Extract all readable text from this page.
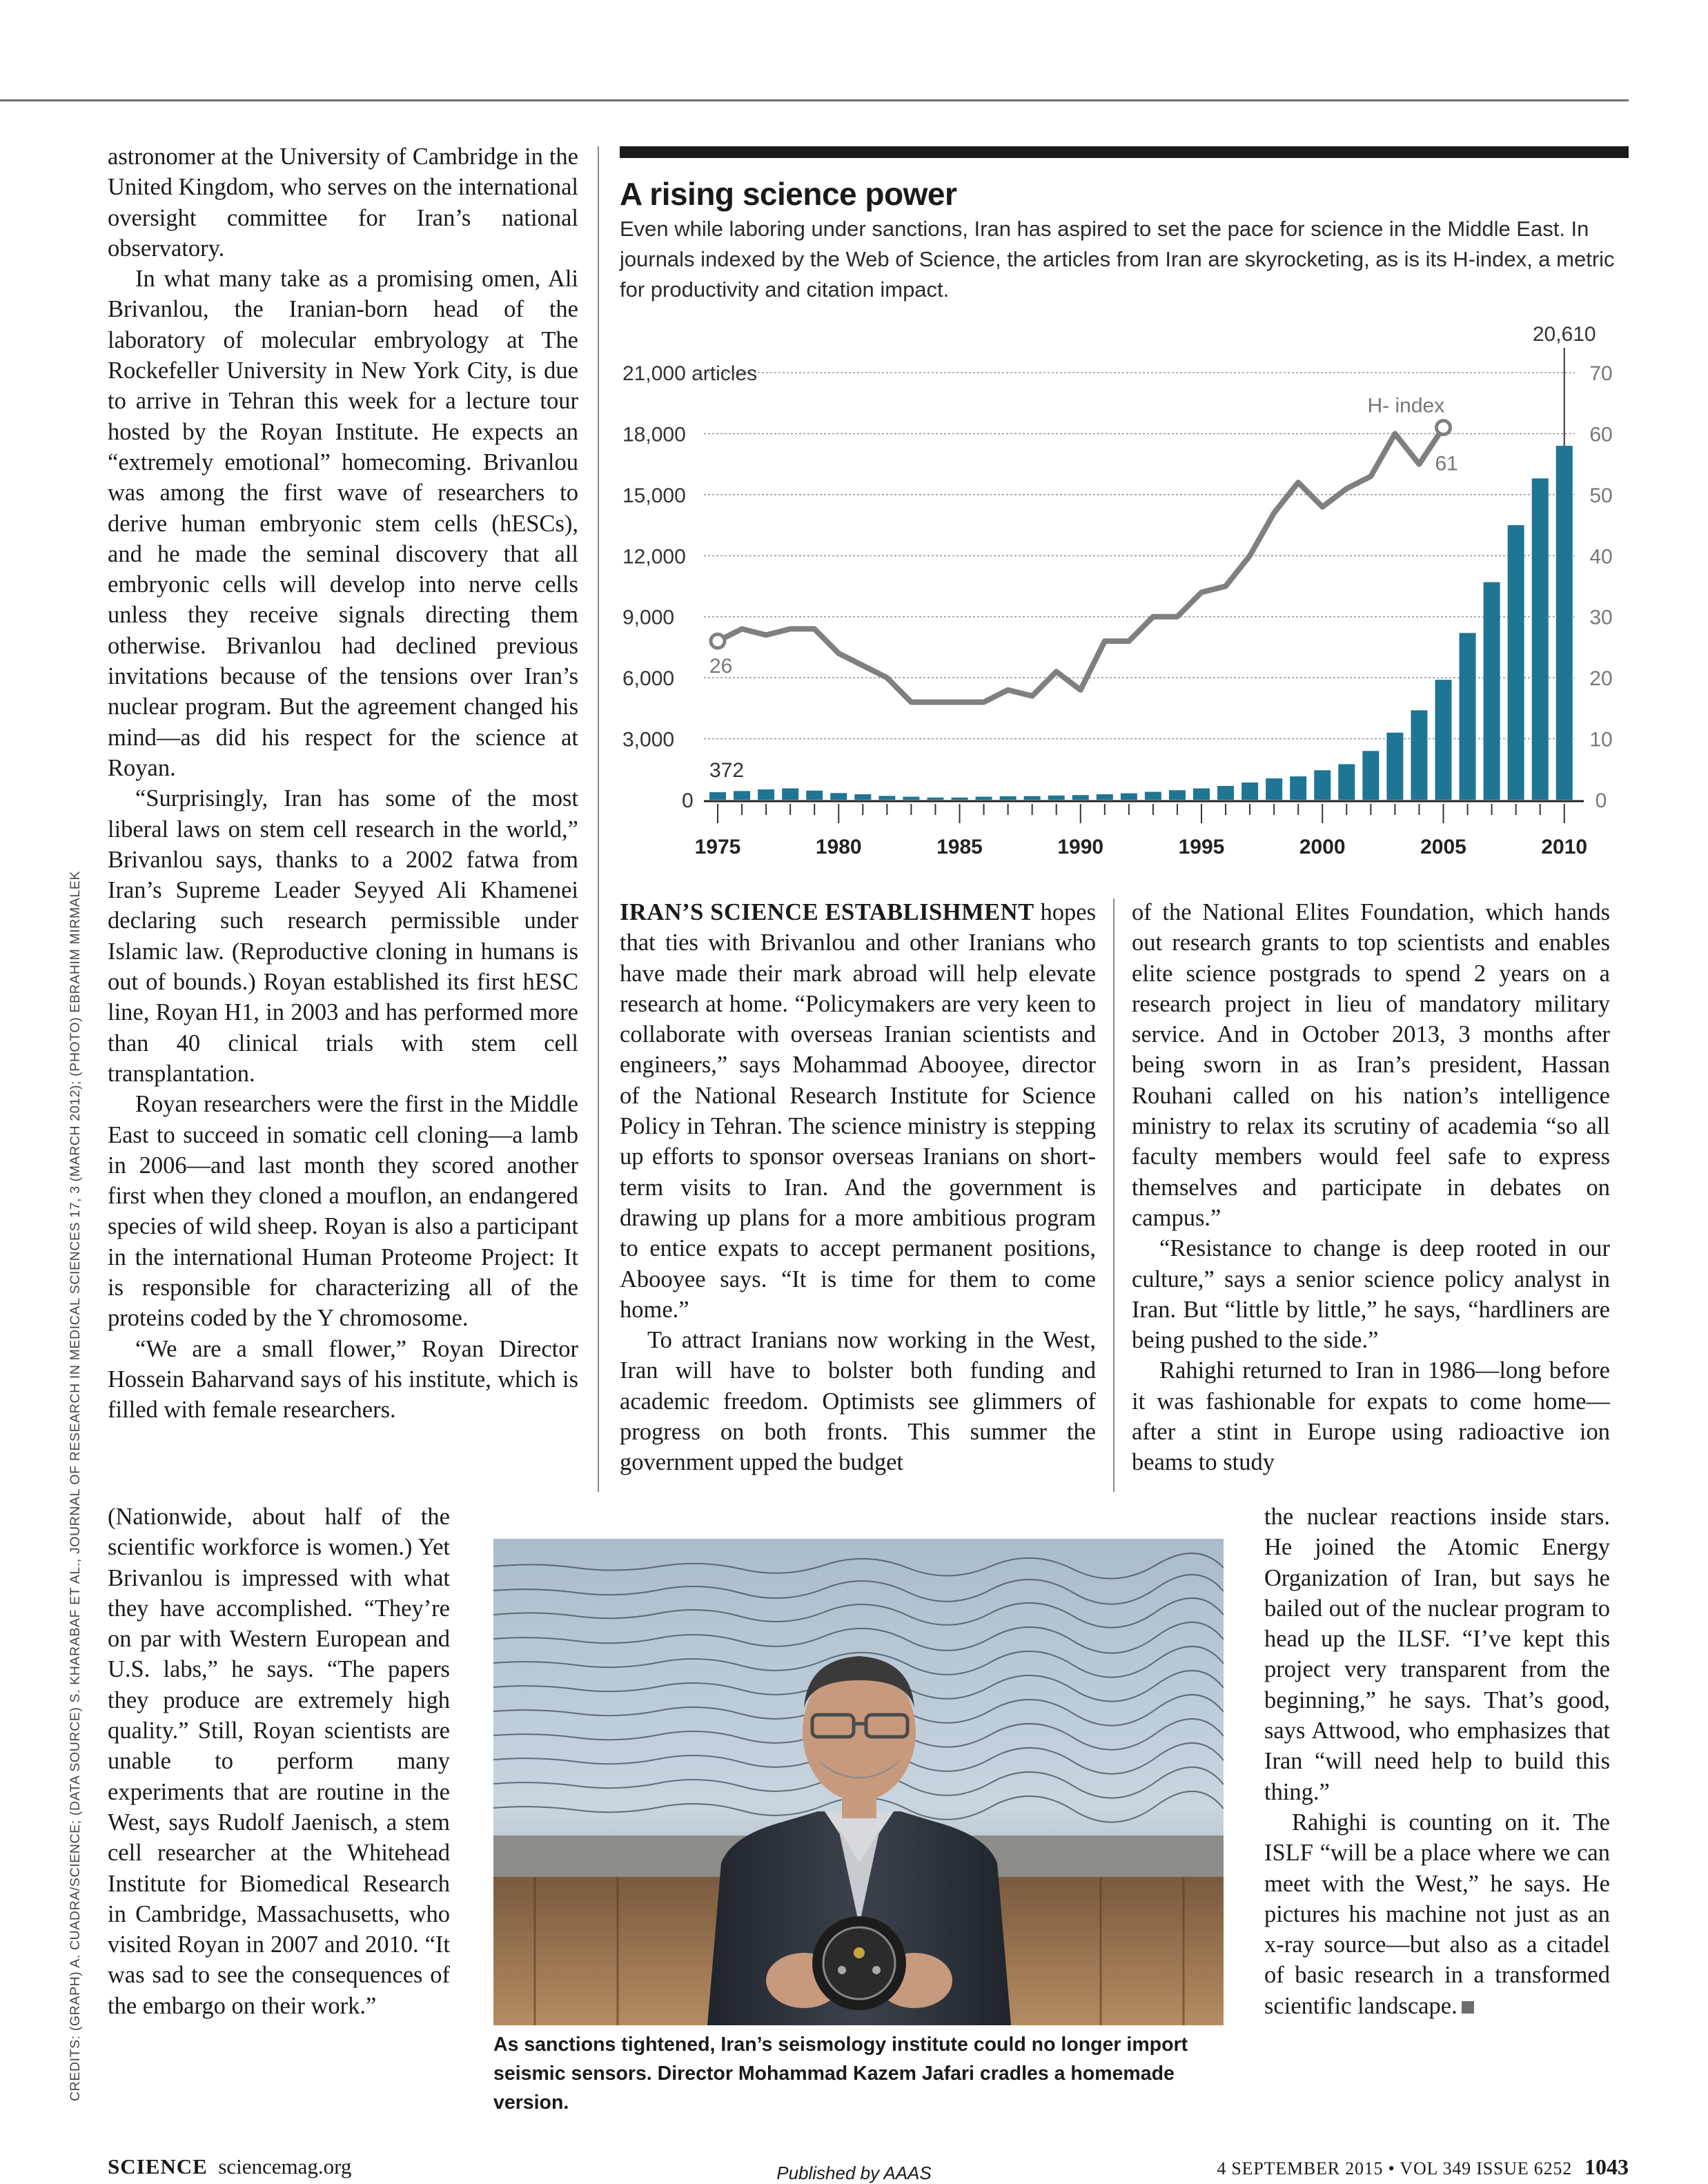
astronomer at the University of Cambridge in the United Kingdom, who serves on the international oversight committee for Iran’s national observatory.

In what many take as a promising omen, Ali Brivanlou, the Iranian-born head of the laboratory of molecular embryology at The Rockefeller University in New York City, is due to arrive in Tehran this week for a lecture tour hosted by the Royan Institute. He expects an “extremely emotional” homecoming. Brivanlou was among the first wave of researchers to derive human embryonic stem cells (hESCs), and he made the seminal discovery that all embryonic cells will develop into nerve cells unless they receive signals directing them otherwise. Brivanlou had declined previous invitations because of the tensions over Iran’s nuclear program. But the agreement changed his mind—as did his respect for the science at Royan.

“Surprisingly, Iran has some of the most liberal laws on stem cell research in the world,” Brivanlou says, thanks to a 2002 fatwa from Iran’s Supreme Leader Seyyed Ali Khamenei declaring such research permissible under Islamic law. (Reproductive cloning in humans is out of bounds.) Royan established its first hESC line, Royan H1, in 2003 and has performed more than 40 clinical trials with stem cell transplantation.

Royan researchers were the first in the Middle East to succeed in somatic cell cloning—a lamb in 2006—and last month they scored another first when they cloned a mouflon, an endangered species of wild sheep. Royan is also a participant in the international Human Proteome Project: It is responsible for characterizing all of the proteins coded by the Y chromosome.

“We are a small flower,” Royan Director Hossein Baharvand says of his institute, which is filled with female researchers.

(Nationwide, about half of the scientific workforce is women.) Yet Brivanlou is impressed with what they have accomplished. “They’re on par with Western European and U.S. labs,” he says. “The papers they produce are extremely high quality.” Still, Royan scientists are unable to perform many experiments that are routine in the West, says Rudolf Jaenisch, a stem cell researcher at the Whitehead Institute for Biomedical Research in Cambridge, Massachusetts, who visited Royan in 2007 and 2010. “It was sad to see the consequences of the embargo on their work.”

A rising science power
Even while laboring under sanctions, Iran has aspired to set the pace for science in the Middle East. In journals indexed by the Web of Science, the articles from Iran are skyrocketing, as is its H-index, a metric for productivity and citation impact.
0
3,000
6,000
9,000
12,000
15,000
18,000
21,000 articles
0
10
20
30
40
50
60
70
1975	1980	1985	1990	1995	2000	2005	2010
26
61
H- index
372
20,610

IRAN’S SCIENCE ESTABLISHMENT hopes that ties with Brivanlou and other Iranians who have made their mark abroad will help elevate research at home. “Policymakers are very keen to collaborate with overseas Iranian scientists and engineers,” says Mohammad Abooyee, director of the National Research Institute for Science Policy in Tehran. The science ministry is stepping up efforts to sponsor overseas Iranians on short-term visits to Iran. And the government is drawing up plans for a more ambitious program to entice expats to accept permanent positions, Abooyee says. “It is time for them to come home.”

To attract Iranians now working in the West, Iran will have to bolster both funding and academic freedom. Optimists see glimmers of progress on both fronts. This summer the government upped the budget

of the National Elites Foundation, which hands out research grants to top scientists and enables elite science postgrads to spend 2 years on a research project in lieu of mandatory military service. And in October 2013, 3 months after being sworn in as Iran’s president, Hassan Rouhani called on his nation’s intelligence ministry to relax its scrutiny of academia “so all faculty members would feel safe to express themselves and participate in debates on campus.”

“Resistance to change is deep rooted in our culture,” says a senior science policy analyst in Iran. But “little by little,” he says, “hardliners are being pushed to the side.”

Rahighi returned to Iran in 1986—long before it was fashionable for expats to come home—after a stint in Europe using radioactive ion beams to study

the nuclear reactions inside stars. He joined the Atomic Energy Organization of Iran, but says he bailed out of the nuclear program to head up the ILSF. “I’ve kept this project very transparent from the beginning,” he says. That’s good, says Attwood, who emphasizes that Iran “will need help to build this thing.”

Rahighi is counting on it. The ISLF “will be a place where we can meet with the West,” he says. He pictures his machine not just as an x-ray source—but also as a citadel of basic research in a transformed scientific landscape.

As sanctions tightened, Iran’s seismology institute could no longer import seismic sensors. Director Mohammad Kazem Jafari cradles a homemade version.
CREDITS: (GRAPH) A. CUADRA/SCIENCE; (DATA SOURCE) S. KHARABAF ET AL., JOURNAL OF RESEARCH IN MEDICAL SCIENCES 17, 3 (MARCH 2012); (PHOTO) EBRAHIM MIRMALEK
SCIENCE sciencemag.org	4 SEPTEMBER 2015 • VOL 349 ISSUE 6252 1043
Published by AAAS
